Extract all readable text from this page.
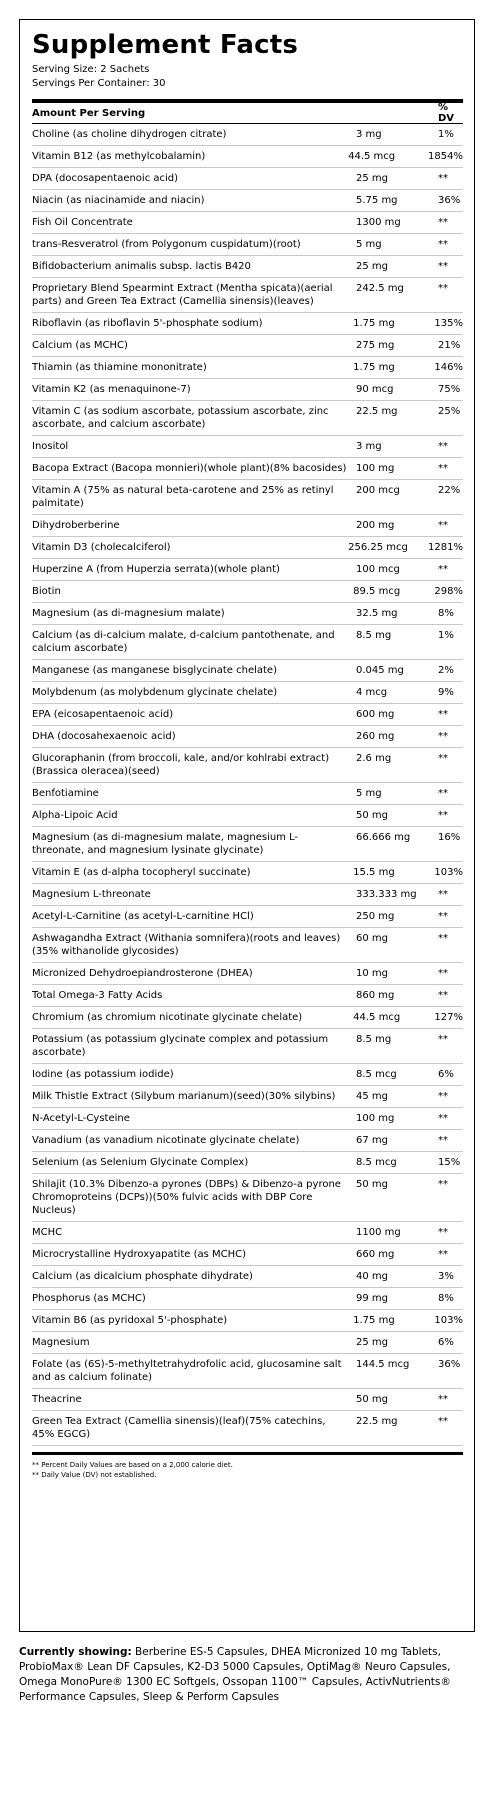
Supplement Facts
Serving Size: 2 Sachets
Servings Per Container: 30
Amount Per Serving	% DV
Choline (as choline dihydrogen citrate)	3 mg	1%
Vitamin B12 (as methylcobalamin)	44.5 mcg	1854%
DPA (docosapentaenoic acid)	25 mg	**
Niacin (as niacinamide and niacin)	5.75 mg	36%
Fish Oil Concentrate	1300 mg	**
trans-Resveratrol (from Polygonum cuspidatum)(root)	5 mg	**
Bifidobacterium animalis subsp. lactis B420	25 mg	**
Proprietary Blend Spearmint Extract (Mentha spicata)(aerial parts) and Green Tea Extract (Camellia sinensis)(leaves)
242.5 mg	**
Riboflavin (as riboflavin 5'-phosphate sodium)	1.75 mg	135%
Calcium (as MCHC)	275 mg	21%
Thiamin (as thiamine mononitrate)	1.75 mg	146%
Vitamin K2 (as menaquinone-7)	90 mcg	75%
Vitamin C (as sodium ascorbate, potassium ascorbate, zinc ascorbate, and calcium ascorbate)
22.5 mg	25%
Inositol	3 mg	**
Bacopa Extract (Bacopa monnieri)(whole plant)(8% bacosides) 100 mg	**
Vitamin A (75% as natural beta-carotene and 25% as retinyl palmitate)
200 mcg	22%
Dihydroberberine	200 mg	**
Vitamin D3 (cholecalciferol)	256.25 mcg	1281%
Huperzine A (from Huperzia serrata)(whole plant)	100 mcg	**
Biotin	89.5 mcg	298%
Magnesium (as di-magnesium malate)	32.5 mg	8%
Calcium (as di-calcium malate, d-calcium pantothenate, and calcium ascorbate)
8.5 mg	1%
Manganese (as manganese bisglycinate chelate)	0.045 mg	2%
Molybdenum (as molybdenum glycinate chelate)	4 mcg	9%
EPA (eicosapentaenoic acid)	600 mg	**
DHA (docosahexaenoic acid)	260 mg	**
Glucoraphanin (from broccoli, kale, and/or kohlrabi extract)(Brassica oleracea)(seed)
2.6 mg	**
Benfotiamine	5 mg	**
Alpha-Lipoic Acid	50 mg	**
Magnesium (as di-magnesium malate, magnesium L-threonate, and magnesium lysinate glycinate)
66.666 mg	16%
Vitamin E (as d-alpha tocopheryl succinate)	15.5 mg	103%
Magnesium L-threonate	333.333 mg	**
Acetyl-L-Carnitine (as acetyl-L-carnitine HCl)	250 mg	**
Ashwagandha Extract (Withania somnifera)(roots and leaves)(35% withanolide glycosides)
60 mg	**
Micronized Dehydroepiandrosterone (DHEA)	10 mg	**
Total Omega-3 Fatty Acids	860 mg	**
Chromium (as chromium nicotinate glycinate chelate)	44.5 mcg	127%
Potassium (as potassium glycinate complex and potassium ascorbate)
8.5 mg	**
Iodine (as potassium iodide)	8.5 mcg	6%
Milk Thistle Extract (Silybum marianum)(seed)(30% silybins)	45 mg	**
N-Acetyl-L-Cysteine	100 mg	**
Vanadium (as vanadium nicotinate glycinate chelate)	67 mg	**
Selenium (as Selenium Glycinate Complex)	8.5 mcg	15%
Shilajit (10.3% Dibenzo-a pyrones (DBPs) & Dibenzo-a pyrone Chromoproteins (DCPs))(50% fulvic acids with DBP Core Nucleus)
50 mg	**
MCHC	1100 mg	**
Microcrystalline Hydroxyapatite (as MCHC)	660 mg	**
Calcium (as dicalcium phosphate dihydrate)	40 mg	3%
Phosphorus (as MCHC)	99 mg	8%
Vitamin B6 (as pyridoxal 5'-phosphate)	1.75 mg	103%
Magnesium	25 mg	6%
Folate (as (6S)-5-methyltetrahydrofolic acid, glucosamine salt and as calcium folinate)
144.5 mcg	36%
Theacrine	50 mg	**
Green Tea Extract (Camellia sinensis)(leaf)(75% catechins, 45% EGCG)
22.5 mg	**
** Percent Daily Values are based on a 2,000 calorie diet.
** Daily Value (DV) not established.
Currently showing: Berberine ES-5 Capsules, DHEA Micronized 10 mg Tablets, ProbioMax® Lean DF Capsules, K2-D3 5000 Capsules, OptiMag® Neuro Capsules, Omega MonoPure® 1300 EC Softgels, Ossopan 1100™ Capsules, ActivNutrients® Performance Capsules, Sleep & Perform Capsules
